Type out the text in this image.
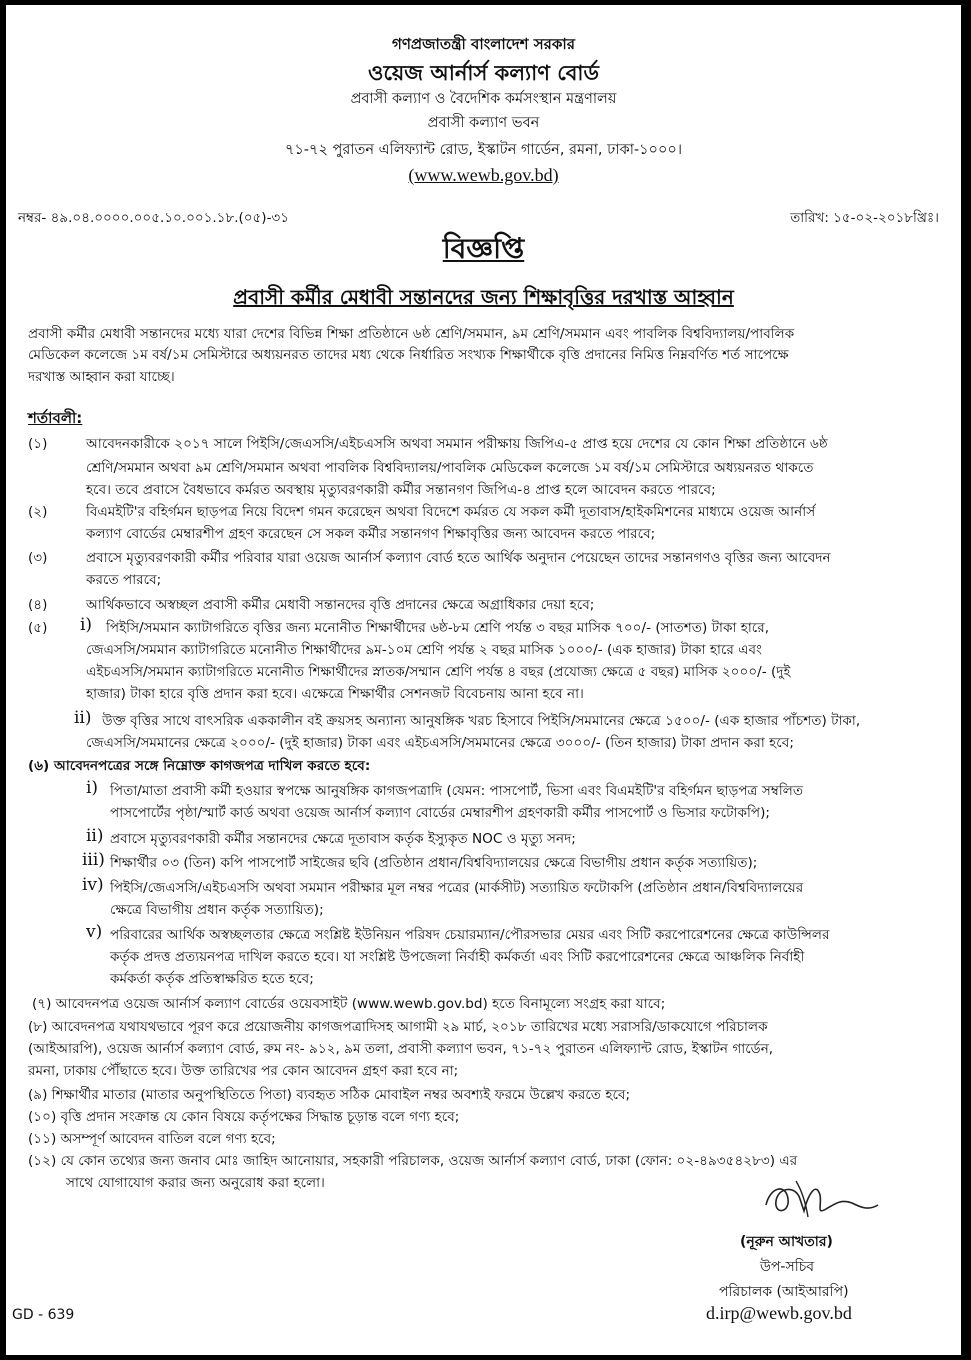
গণপ্রজাতন্ত্রী বাংলাদেশ সরকার
ওয়েজ আর্নার্স কল্যাণ বোর্ড
প্রবাসী কল্যাণ ও বৈদেশিক কর্মসংস্থান মন্ত্রণালয়
প্রবাসী কল্যাণ ভবন
৭১-৭২ পুরাতন এলিফ্যান্ট রোড, ইস্কাটন গার্ডেন, রমনা, ঢাকা-১০০০।
(www.wewb.gov.bd)
নম্বর- ৪৯.০৪.০০০০.০০৫.১০.০০১.১৮.(০৫)-৩১	তারিখ: ১৫-০২-২০১৮খ্রিঃ।
বিজ্ঞপ্তি
প্রবাসী কর্মীর মেধাবী সন্তানদের জন্য শিক্ষাবৃত্তির দরখাস্ত আহ্বান
প্রবাসী কর্মীর মেধাবী সন্তানদের মধ্যে যারা দেশের বিভিন্ন শিক্ষা প্রতিষ্ঠানে ৬ষ্ঠ শ্রেণি/সমমান, ৯ম শ্রেণি/সমমান এবং পাবলিক বিশ্ববিদ্যালয়/পাবলিক
মেডিকেল কলেজে ১ম বর্ষ/১ম সেমিস্টারে অধ্যয়নরত তাদের মধ্য থেকে নির্ধারিত সংখ্যক শিক্ষার্থীকে বৃত্তি প্রদানের নিমিত্ত নিম্নবর্ণিত শর্ত সাপেক্ষে
দরখাস্ত আহ্বান করা যাচ্ছে।
শর্তাবলী:
(১)	আবেদনকারীকে ২০১৭ সালে পিইসি/জেএসসি/এইচএসসি অথবা সমমান পরীক্ষায় জিপিএ-৫ প্রাপ্ত হয়ে দেশের যে কোন শিক্ষা প্রতিষ্ঠানে ৬ষ্ঠ
শ্রেণি/সমমান অথবা ৯ম শ্রেণি/সমমান অথবা পাবলিক বিশ্ববিদ্যালয়/পাবলিক মেডিকেল কলেজে ১ম বর্ষ/১ম সেমিস্টারে অধ্যয়নরত থাকতে
হবে। তবে প্রবাসে বৈধভাবে কর্মরত অবস্থায় মৃত্যুবরণকারী কর্মীর সন্তানগণ জিপিএ-৪ প্রাপ্ত হলে আবেদন করতে পারবে;
(২)	বিএমইটি'র বহির্গমন ছাড়পত্র নিয়ে বিদেশ গমন করেছেন অথবা বিদেশে কর্মরত যে সকল কর্মী দূতাবাস/হাইকমিশনের মাধ্যমে ওয়েজ আর্নার্স
কল্যাণ বোর্ডের মেম্বারশীপ গ্রহণ করেছেন সে সকল কর্মীর সন্তানগণ শিক্ষাবৃত্তির জন্য আবেদন করতে পারবে;
(৩)	প্রবাসে মৃত্যুবরণকারী কর্মীর পরিবার যারা ওয়েজ আর্নার্স কল্যাণ বোর্ড হতে আর্থিক অনুদান পেয়েছেন তাদের সন্তানগণও বৃত্তির জন্য আবেদন
করতে পারবে;
(৪)	আর্থিকভাবে অস্বচ্ছল প্রবাসী কর্মীর মেধাবী সন্তানদের বৃত্তি প্রদানের ক্ষেত্রে অগ্রাধিকার দেয়া হবে;
(৫) i) পিইসি/সমমান ক্যাটাগরিতে বৃত্তির জন্য মনোনীত শিক্ষার্থীদের ৬ষ্ঠ-৮ম শ্রেণি পর্যন্ত ৩ বছর মাসিক ৭০০/- (সাতশত) টাকা হারে,
জেএসসি/সমমান ক্যাটাগরিতে মনোনীত শিক্ষার্থীদের ৯ম-১০ম শ্রেণি পর্যন্ত ২ বছর মাসিক ১০০০/- (এক হাজার) টাকা হারে এবং
এইচএসসি/সমমান ক্যাটাগরিতে মনোনীত শিক্ষার্থীদের স্নাতক/সম্মান শ্রেণি পর্যন্ত ৪ বছর (প্রযোজ্য ক্ষেত্রে ৫ বছর) মাসিক ২০০০/- (দুই
হাজার) টাকা হারে বৃত্তি প্রদান করা হবে। এক্ষেত্রে শিক্ষার্থীর সেশনজট বিবেচনায় আনা হবে না।
ii) উক্ত বৃত্তির সাথে বাৎসরিক এককালীন বই ক্রয়সহ অন্যান্য আনুষঙ্গিক খরচ হিসাবে পিইসি/সমমানের ক্ষেত্রে ১৫০০/- (এক হাজার পাঁচশত) টাকা,
জেএসসি/সমমানের ক্ষেত্রে ২০০০/- (দুই হাজার) টাকা এবং এইচএসসি/সমমানের ক্ষেত্রে ৩০০০/- (তিন হাজার) টাকা প্রদান করা হবে;
(৬) আবেদনপত্রের সঙ্গে নিম্নোক্ত কাগজপত্র দাখিল করতে হবে:
i) পিতা/মাতা প্রবাসী কর্মী হওয়ার স্বপক্ষে আনুষঙ্গিক কাগজপত্রাদি (যেমন: পাসপোর্ট, ভিসা এবং বিএমইটি'র বহির্গমন ছাড়পত্র সম্বলিত
পাসপোর্টের পৃষ্ঠা/স্মার্ট কার্ড অথবা ওয়েজ আর্নার্স কল্যাণ বোর্ডের মেম্বারশীপ গ্রহণকারী কর্মীর পাসপোর্ট ও ভিসার ফটোকপি);
ii) প্রবাসে মৃত্যুবরণকারী কর্মীর সন্তানদের ক্ষেত্রে দূতাবাস কর্তৃক ইস্যুকৃত NOC ও মৃত্যু সনদ;
iii) শিক্ষার্থীর ০৩ (তিন) কপি পাসপোর্ট সাইজের ছবি (প্রতিষ্ঠান প্রধান/বিশ্ববিদ্যালয়ের ক্ষেত্রে বিভাগীয় প্রধান কর্তৃক সত্যায়িত);
iv) পিইসি/জেএসসি/এইচএসসি অথবা সমমান পরীক্ষার মূল নম্বর পত্রের (মার্কসীট) সত্যায়িত ফটোকপি (প্রতিষ্ঠান প্রধান/বিশ্ববিদ্যালয়ের
ক্ষেত্রে বিভাগীয় প্রধান কর্তৃক সত্যায়িত);
v) পরিবারের আর্থিক অস্বচ্ছলতার ক্ষেত্রে সংশ্লিষ্ট ইউনিয়ন পরিষদ চেয়ারম্যান/পৌরসভার মেয়র এবং সিটি করপোরেশনের ক্ষেত্রে কাউন্সিলর
কর্তৃক প্রদত্ত প্রত্যয়নপত্র দাখিল করতে হবে। যা সংশ্লিষ্ট উপজেলা নির্বাহী কর্মকর্তা এবং সিটি করপোরেশনের ক্ষেত্রে আঞ্চলিক নির্বাহী
কর্মকর্তা কর্তৃক প্রতিস্বাক্ষরিত হতে হবে;
(৭) আবেদনপত্র ওয়েজ আর্নার্স কল্যাণ বোর্ডের ওয়েবসাইট (www.wewb.gov.bd) হতে বিনামূল্যে সংগ্রহ করা যাবে;
(৮) আবেদনপত্র যথাযথভাবে পূরণ করে প্রয়োজনীয় কাগজপত্রাদিসহ আগামী ২৯ মার্চ, ২০১৮ তারিখের মধ্যে সরাসরি/ডাকযোগে পরিচালক
(আইআরপি), ওয়েজ আর্নার্স কল্যাণ বোর্ড, রুম নং- ৯১২, ৯ম তলা, প্রবাসী কল্যাণ ভবন, ৭১-৭২ পুরাতন এলিফ্যান্ট রোড, ইস্কাটন গার্ডেন,
রমনা, ঢাকায় পৌঁছাতে হবে। উক্ত তারিখের পর কোন আবেদন গ্রহণ করা হবে না;
(৯) শিক্ষার্থীর মাতার (মাতার অনুপস্থিতিতে পিতা) ব্যবহৃত সঠিক মোবাইল নম্বর অবশ্যই ফরমে উল্লেখ করতে হবে;
(১০) বৃত্তি প্রদান সংক্রান্ত যে কোন বিষয়ে কর্তৃপক্ষের সিদ্ধান্ত চূড়ান্ত বলে গণ্য হবে;
(১১) অসম্পূর্ণ আবেদন বাতিল বলে গণ্য হবে;
(১২) যে কোন তথ্যের জন্য জনাব মোঃ জাহিদ আনোয়ার, সহকারী পরিচালক, ওয়েজ আর্নার্স কল্যাণ বোর্ড, ঢাকা (ফোন: ০২-৪৯৩৫৪২৮৩) এর
সাথে যোগাযোগ করার জন্য অনুরোধ করা হলো।
(নূরুন আখতার)
উপ-সচিব
পরিচালক (আইআরপি)
d.irp@wewb.gov.bd
GD - 639
